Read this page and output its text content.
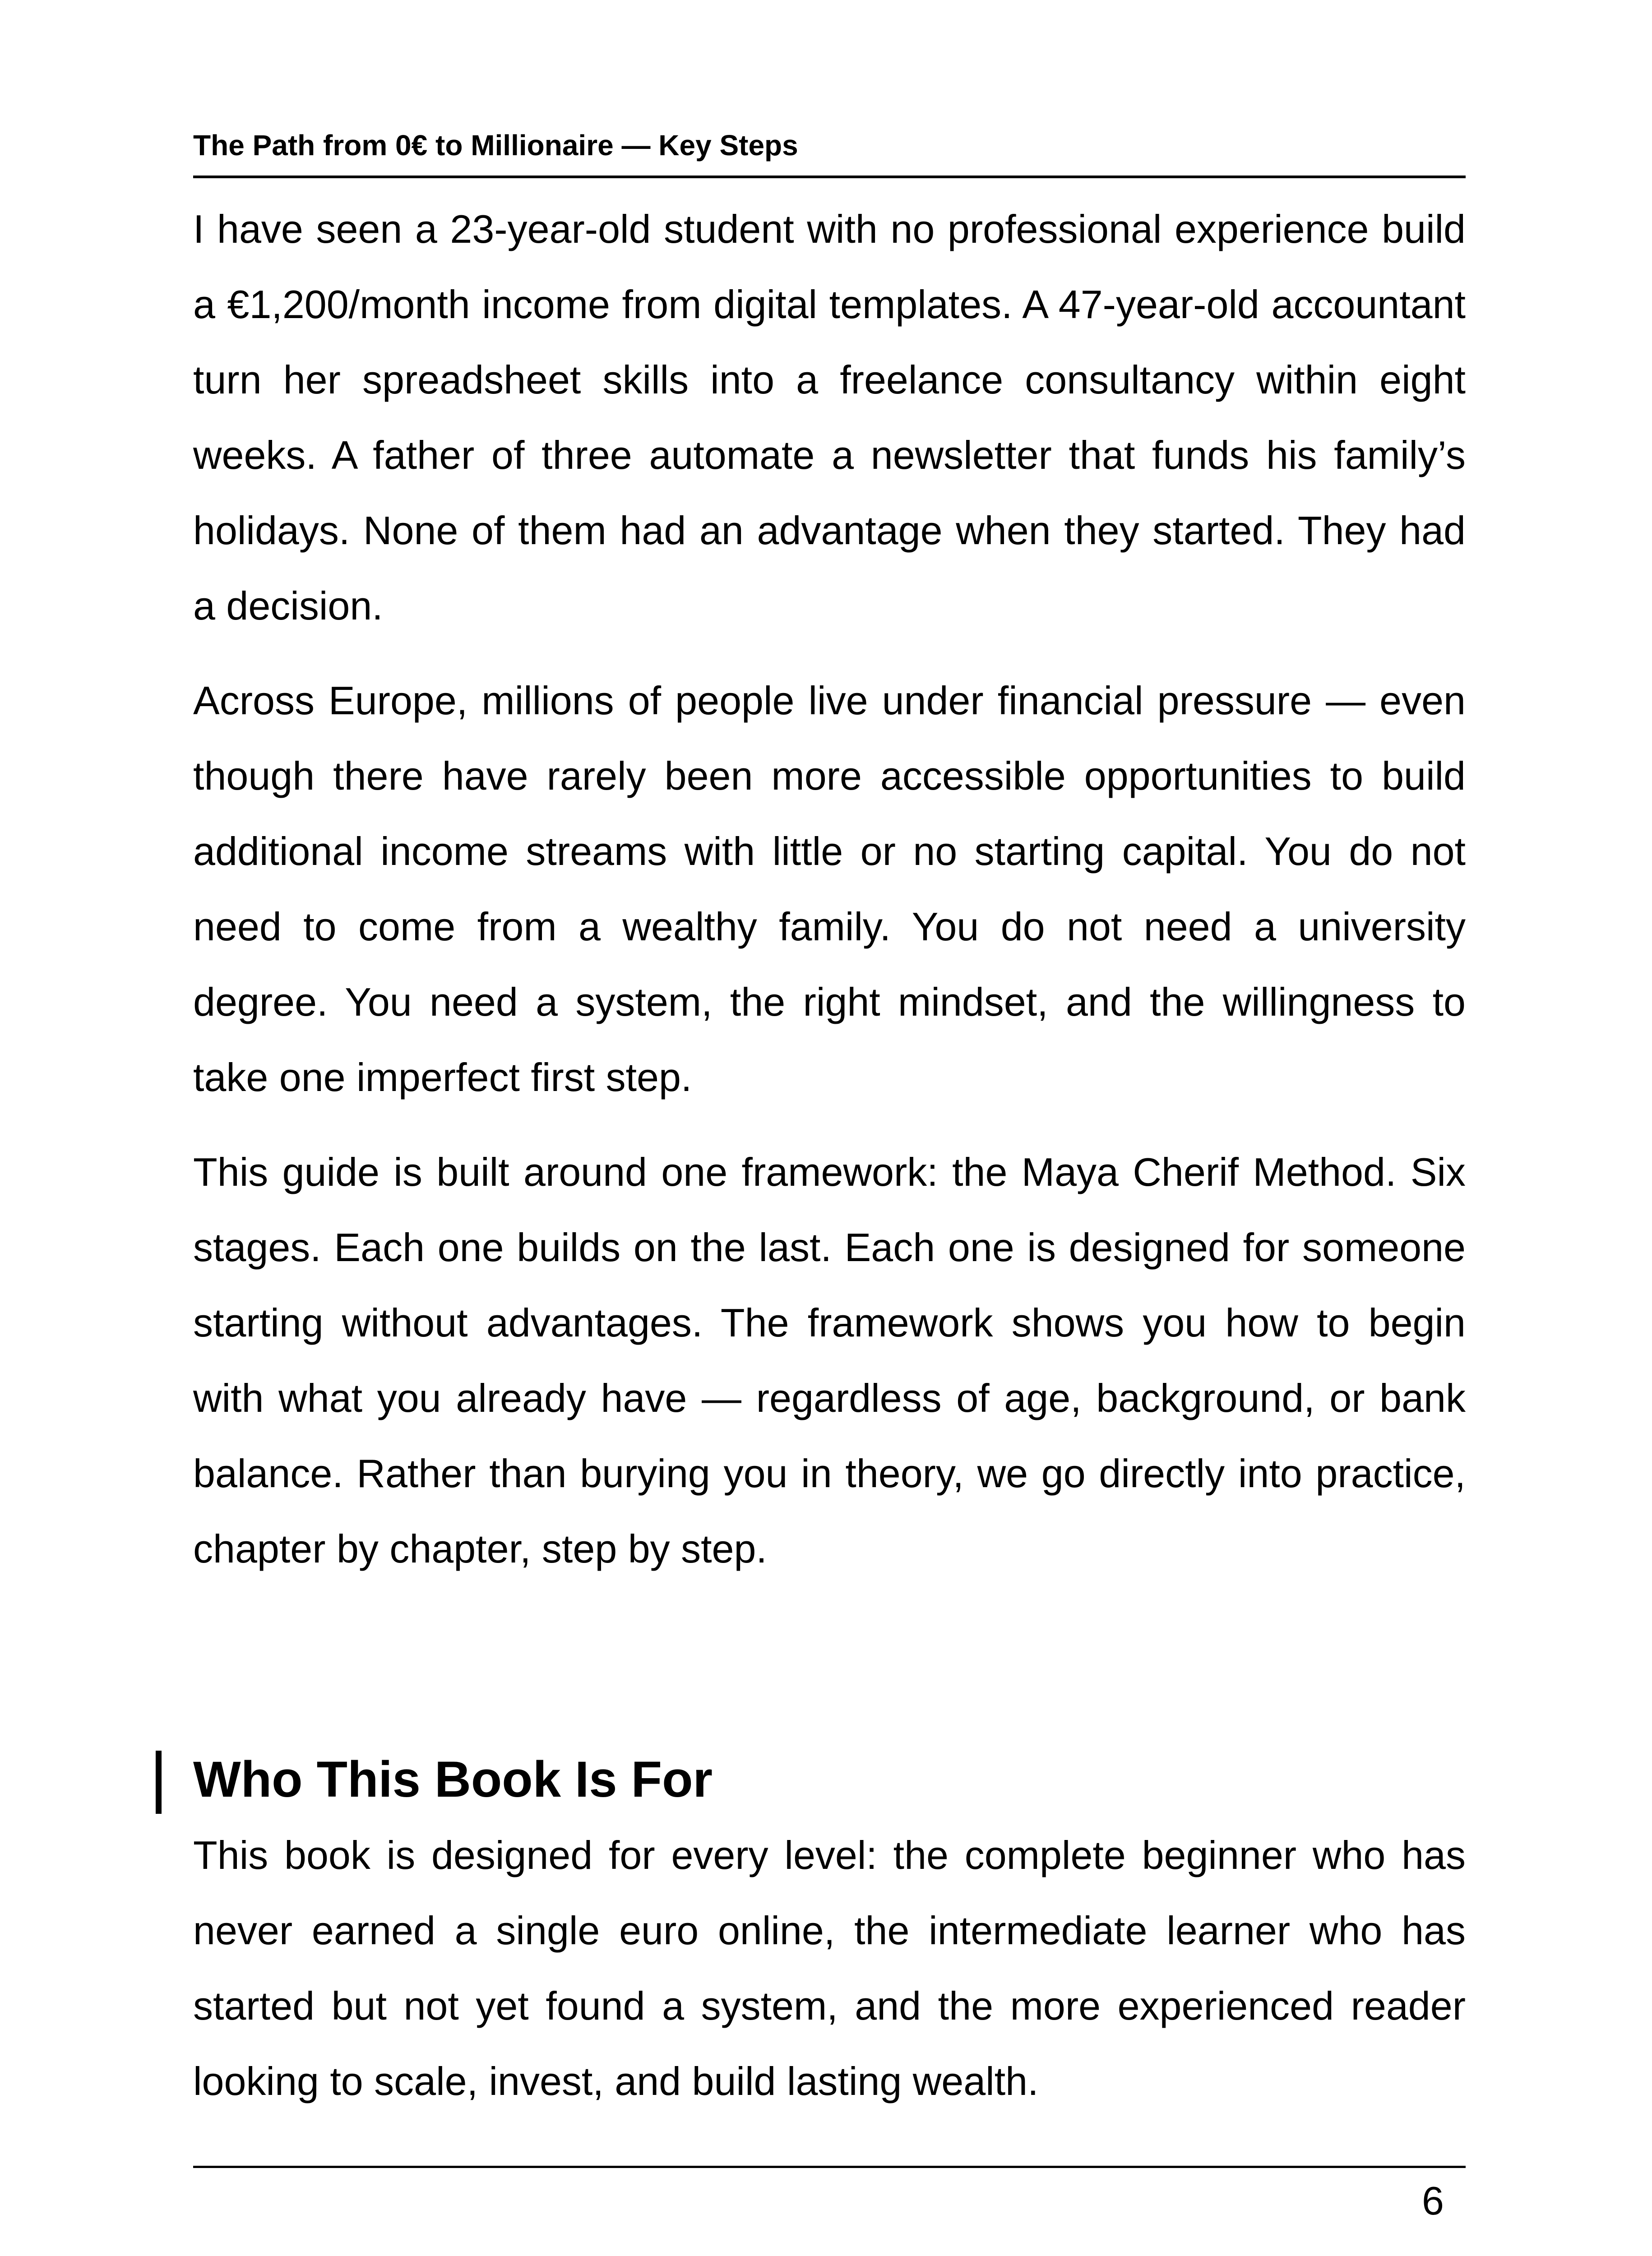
The Path from 0€ to Millionaire — Key Steps

I have seen a 23-year-old student with no professional experience build a €1,200/month income from digital templates. A 47-year-old accountant turn her spreadsheet skills into a freelance consultancy within eight weeks. A father of three automate a newsletter that funds his family’s holidays. None of them had an advantage when they started. They had a decision.

Across Europe, millions of people live under financial pressure — even though there have rarely been more accessible opportunities to build additional income streams with little or no starting capital. You do not need to come from a wealthy family. You do not need a university degree. You need a system, the right mindset, and the willingness to take one imperfect first step.

This guide is built around one framework: the Maya Cherif Method. Six stages. Each one builds on the last. Each one is designed for someone starting without advantages. The framework shows you how to begin with what you already have — regardless of age, background, or bank balance. Rather than burying you in theory, we go directly into practice, chapter by chapter, step by step.

Who This Book Is For

This book is designed for every level: the complete beginner who has never earned a single euro online, the intermediate learner who has started but not yet found a system, and the more experienced reader looking to scale, invest, and build lasting wealth.

6
